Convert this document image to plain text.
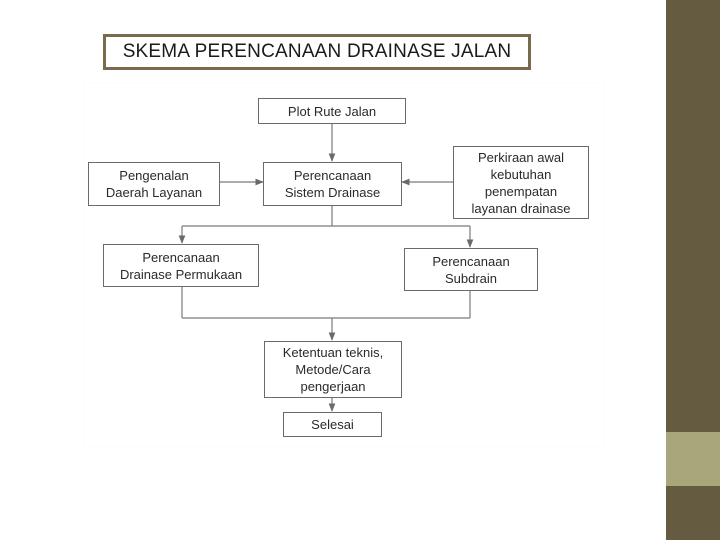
SKEMA PERENCANAAN DRAINASE JALAN
Plot Rute Jalan
Pengenalan
Daerah Layanan
Perencanaan
Sistem Drainase
Perkiraan awal
kebutuhan
penempatan
layanan drainase
Perencanaan
Drainase Permukaan
Perencanaan
Subdrain
Ketentuan teknis,
Metode/Cara
pengerjaan
Selesai
